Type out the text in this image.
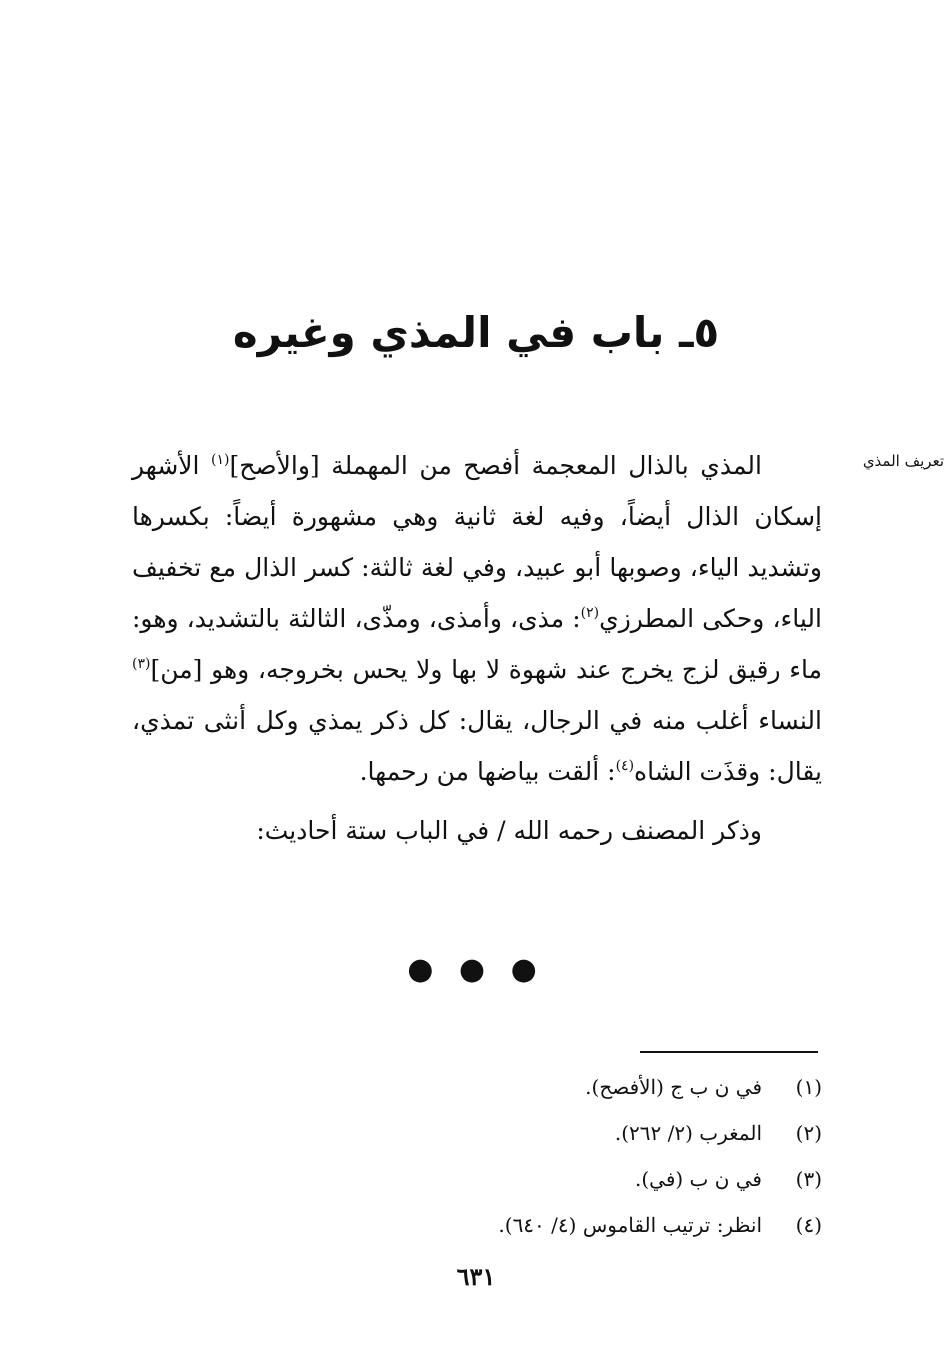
٥ـ باب في المذي وغيره
تعريف المذي

المذي بالذال المعجمة أفصح من المهملة [والأصح]$^{(١)}$ الأشهر إسكان الذال أيضاً، وفيه لغة ثانية وهي مشهورة أيضاً: بكسرها وتشديد الياء، وصوبها أبو عبيد، وفي لغة ثالثة: كسر الذال مع تخفيف الياء، وحكى المطرزي$^{(٢)}$: مذى، وأمذى، ومذّى، الثالثة بالتشديد، وهو: ماء رقيق لزج يخرج عند شهوة لا بها ولا يحس بخروجه، وهو [من]$^{(٣)}$ النساء أغلب منه في الرجال، يقال: كل ذكر يمذي وكل أنثى تمذي، يقال: وقذَت الشاه$^{(٤)}$: ألقت بياضها من رحمها.

وذكر المصنف رحمه الله / في الباب ستة أحاديث:

● ● ●
(١)في ن ب ج (الأفصح).
(٢)المغرب (٢/ ٢٦٢).
(٣)في ن ب (في).
(٤)انظر: ترتيب القاموس (٤/ ٦٤٠).
٦٣١
